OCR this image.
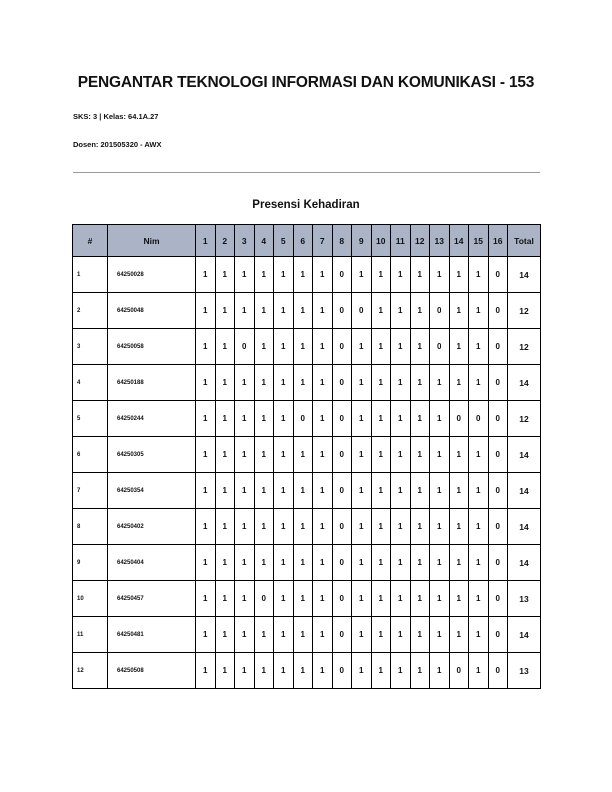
PENGANTAR TEKNOLOGI INFORMASI DAN KOMUNIKASI - 153
SKS: 3 | Kelas: 64.1A.27
Dosen: 201505320 - AWX
Presensi Kehadiran
#	Nim	1	2	3	4	5	6	7	8	9	10	11	12	13	14	15	16	Total
1	64250028	1	1	1	1	1	1	1	0	1	1	1	1	1	1	1	0	14
2	64250048	1	1	1	1	1	1	1	0	0	1	1	1	0	1	1	0	12
3	64250058	1	1	0	1	1	1	1	0	1	1	1	1	0	1	1	0	12
4	64250188	1	1	1	1	1	1	1	0	1	1	1	1	1	1	1	0	14
5	64250244	1	1	1	1	1	0	1	0	1	1	1	1	1	0	0	0	12
6	64250305	1	1	1	1	1	1	1	0	1	1	1	1	1	1	1	0	14
7	64250354	1	1	1	1	1	1	1	0	1	1	1	1	1	1	1	0	14
8	64250402	1	1	1	1	1	1	1	0	1	1	1	1	1	1	1	0	14
9	64250404	1	1	1	1	1	1	1	0	1	1	1	1	1	1	1	0	14
10	64250457	1	1	1	0	1	1	1	0	1	1	1	1	1	1	1	0	13
11	64250481	1	1	1	1	1	1	1	0	1	1	1	1	1	1	1	0	14
12	64250508	1	1	1	1	1	1	1	0	1	1	1	1	1	0	1	0	13
